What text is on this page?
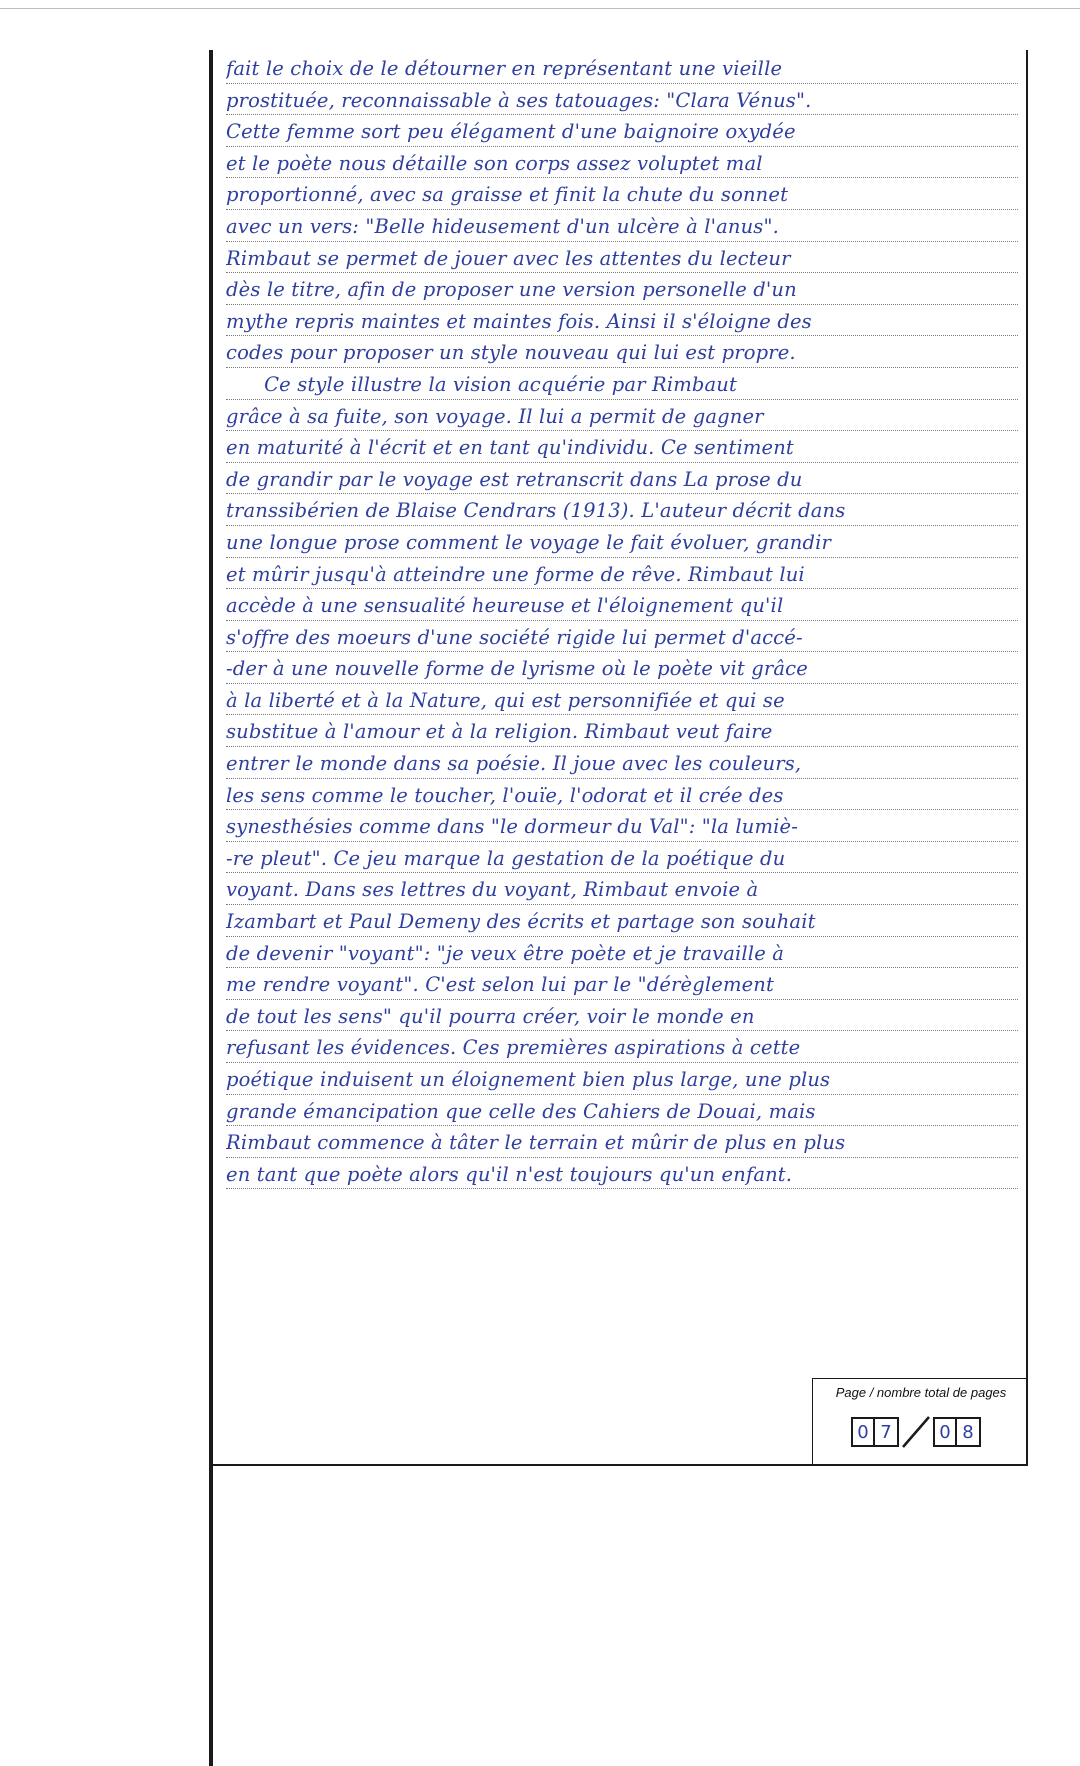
fait le choix de le détourner en représentant une vieille
prostituée, reconnaissable à ses tatouages: "Clara Vénus".
Cette femme sort peu élégament d'une baignoire oxydée
et le poète nous détaille son corps assez voluptet mal
proportionné, avec sa graisse et finit la chute du sonnet
avec un vers: "Belle hideusement d'un ulcère à l'anus".
Rimbaut se permet de jouer avec les attentes du lecteur
dès le titre, afin de proposer une version personelle d'un
mythe repris maintes et maintes fois. Ainsi il s'éloigne des
codes pour proposer un style nouveau qui lui est propre.
Ce style illustre la vision acquérie par Rimbaut
grâce à sa fuite, son voyage. Il lui a permit de gagner
en maturité à l'écrit et en tant qu'individu. Ce sentiment
de grandir par le voyage est retranscrit dans La prose du
transsibérien de Blaise Cendrars (1913). L'auteur décrit dans
une longue prose comment le voyage le fait évoluer, grandir
et mûrir jusqu'à atteindre une forme de rêve. Rimbaut lui
accède à une sensualité heureuse et l'éloignement qu'il
s'offre des moeurs d'une société rigide lui permet d'accé-
-der à une nouvelle forme de lyrisme où le poète vit grâce
à la liberté et à la Nature, qui est personnifiée et qui se
substitue à l'amour et à la religion. Rimbaut veut faire
entrer le monde dans sa poésie. Il joue avec les couleurs,
les sens comme le toucher, l'ouïe, l'odorat et il crée des
synesthésies comme dans "le dormeur du Val": "la lumiè-
-re pleut". Ce jeu marque la gestation de la poétique du
voyant. Dans ses lettres du voyant, Rimbaut envoie à
Izambart et Paul Demeny des écrits et partage son souhait
de devenir "voyant": "je veux être poète et je travaille à
me rendre voyant". C'est selon lui par le "dérèglement
de tout les sens" qu'il pourra créer, voir le monde en
refusant les évidences. Ces premières aspirations à cette
poétique induisent un éloignement bien plus large, une plus
grande émancipation que celle des Cahiers de Douai, mais
Rimbaut commence à tâter le terrain et mûrir de plus en plus
en tant que poète alors qu'il n'est toujours qu'un enfant.
Page / nombre total de pages
0 7	0 8
